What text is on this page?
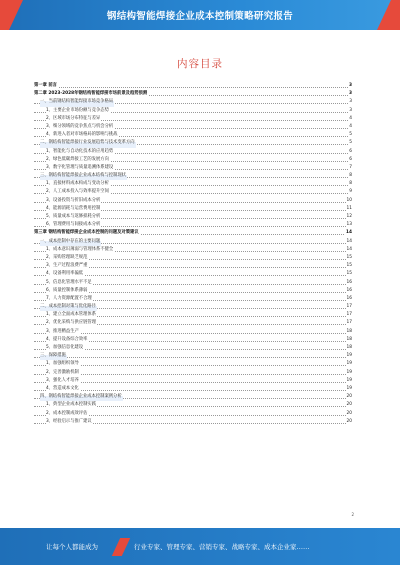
钢结构智能焊接企业成本控制策略研究报告
内容目录
第一章 前言	3
第二章 2023-2028年钢结构智能焊接市场前景及趋势预测	3
一、当前钢结构智能焊接市场竞争格局	3
1、主要企业市场份额与竞争态势	3
2、区域市场分布特征与差异	4
3、细分领域的竞争焦点与机会分析	4
4、新进入者对市场格局的影响与挑战	5
二、钢结构智能焊接行业发展趋势与技术变革方向	5
1、智能化与自动化技术的应用趋势	6
2、绿色低碳焊接工艺的发展方向	6
3、数字化管理与质量追溯体系建设	7
三、钢结构智能焊接企业成本结构与控制现状	8
1、直接材料成本构成与变动分析	8
2、人工成本投入与效率提升空间	9
3、设备投资与折旧成本分析	10
4、能源消耗与运营费用控制	11
5、质量成本与返修损耗分析	12
6、管理费用与间接成本分析	13
第三章 钢结构智能焊接企业成本控制的问题及对策建议	14
一、成本控制中存在的主要问题	14
1、成本意识薄弱与管理体系不健全	14
2、采购管理缺乏规范	15
3、生产过程浪费严重	15
4、设备利用率偏低	15
5、信息化管理水平不足	16
6、质量控制体系薄弱	16
7、人力资源配置不合理	16
二、成本控制对策与优化路径	17
1、建立全面成本管理体系	17
2、优化采购与供应链管理	17
3、推进精益生产	18
4、提升设备综合效率	18
5、加强信息化建设	18
三、保障措施	19
1、加强组织领导	19
2、完善激励机制	19
3、强化人才培养	19
4、营造成本文化	19
四、钢结构智能焊接企业成本控制案例分析	20
1、典型企业成本控制实践	20
2、成本控制成效评估	20
3、经验启示与推广建议	20
2
让每个人都能成为	行业专家、管理专家、营销专家、战略专家、成本企业家……
